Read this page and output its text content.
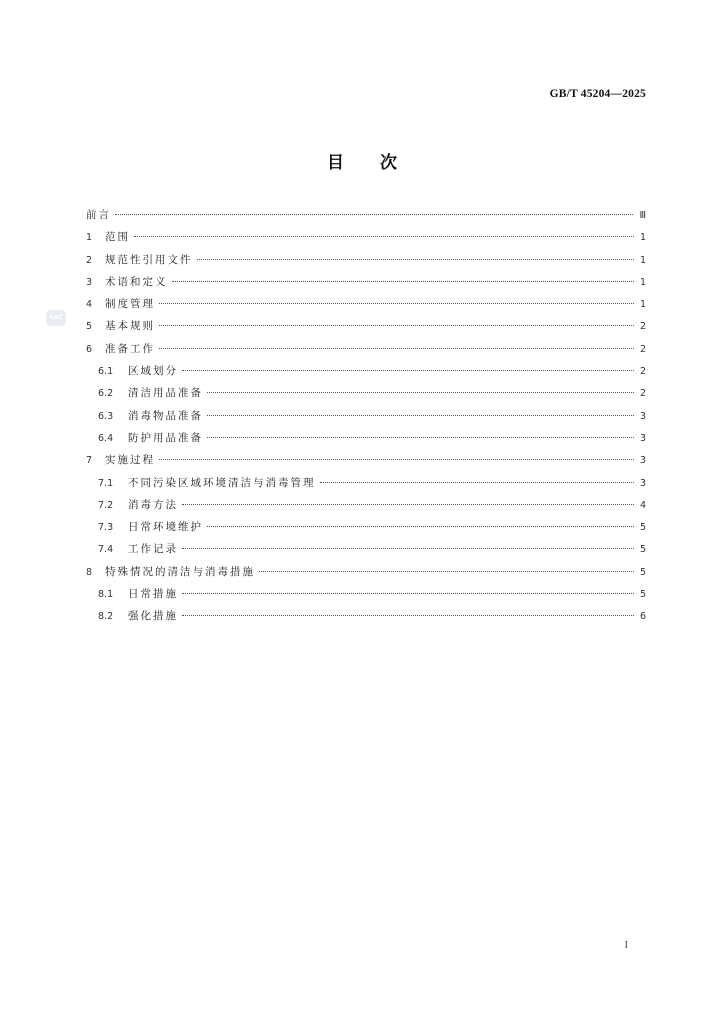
GB/T 45204—2025
目次
SAC
前言	Ⅲ
1	范围	1
2	规范性引用文件	1
3	术语和定义	1
4	制度管理	1
5	基本规则	2
6	准备工作	2
6.1	区域划分	2
6.2	清洁用品准备	2
6.3	消毒物品准备	3
6.4	防护用品准备	3
7	实施过程	3
7.1	不同污染区域环境清洁与消毒管理	3
7.2	消毒方法	4
7.3	日常环境维护	5
7.4	工作记录	5
8	特殊情况的清洁与消毒措施	5
8.1	日常措施	5
8.2	强化措施	6
I
